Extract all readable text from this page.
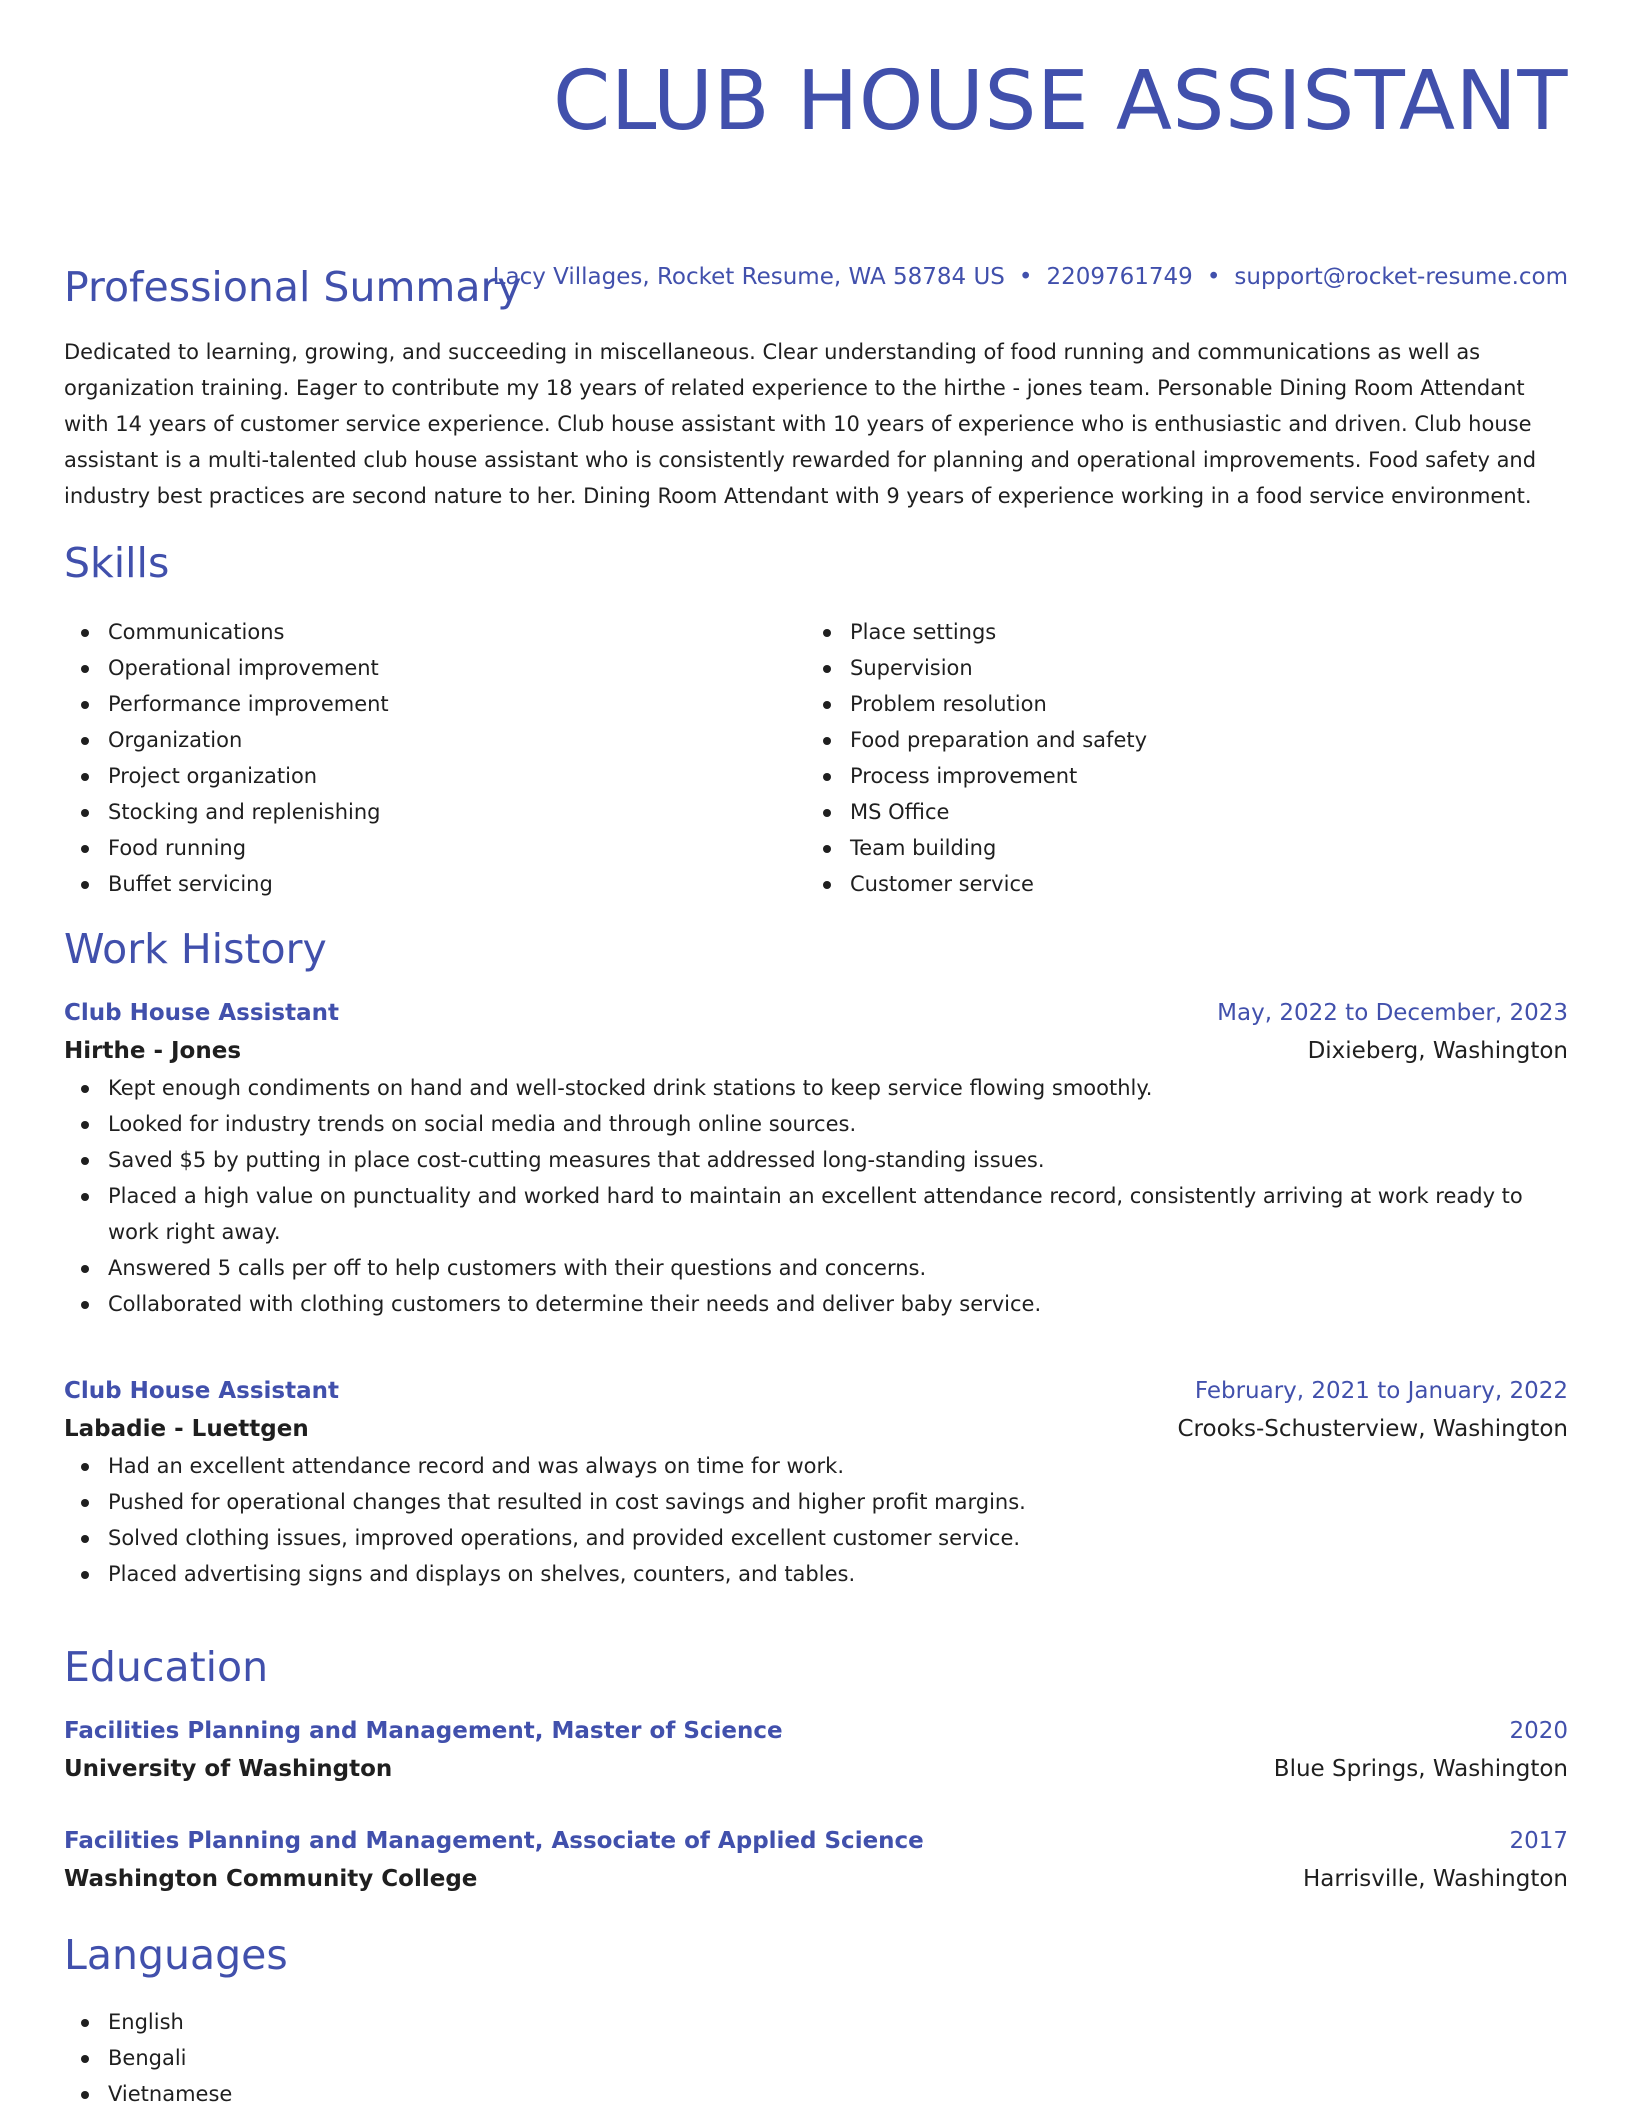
CLUB HOUSE ASSISTANT
Lacy Villages, Rocket Resume, WA 58784 US • 2209761749 • support@rocket-resume.com
Professional Summary

Dedicated to learning, growing, and succeeding in miscellaneous. Clear understanding of food running and communications as well as organization training. Eager to contribute my 18 years of related experience to the hirthe - jones team. Personable Dining Room Attendant with 14 years of customer service experience. Club house assistant with 10 years of experience who is enthusiastic and driven. Club house assistant is a multi-talented club house assistant who is consistently rewarded for planning and operational improvements. Food safety and industry best practices are second nature to her. Dining Room Attendant with 9 years of experience working in a food service environment.

Skills
Communications
Operational improvement
Performance improvement
Organization
Project organization
Stocking and replenishing
Food running
Buffet servicing
Place settings
Supervision
Problem resolution
Food preparation and safety
Process improvement
MS Office
Team building
Customer service
Work History
Club House Assistant	May, 2022 to December, 2023
Hirthe - Jones	Dixieberg, Washington
Kept enough condiments on hand and well-stocked drink stations to keep service flowing smoothly.
Looked for industry trends on social media and through online sources.
Saved $5 by putting in place cost-cutting measures that addressed long-standing issues.
Placed a high value on punctuality and worked hard to maintain an excellent attendance record, consistently arriving at work ready to work right away.
Answered 5 calls per off to help customers with their questions and concerns.
Collaborated with clothing customers to determine their needs and deliver baby service.
Club House Assistant	February, 2021 to January, 2022
Labadie - Luettgen	Crooks-Schusterview, Washington
Had an excellent attendance record and was always on time for work.
Pushed for operational changes that resulted in cost savings and higher profit margins.
Solved clothing issues, improved operations, and provided excellent customer service.
Placed advertising signs and displays on shelves, counters, and tables.
Education
Facilities Planning and Management, Master of Science	2020
University of Washington	Blue Springs, Washington
Facilities Planning and Management, Associate of Applied Science	2017
Washington Community College	Harrisville, Washington
Languages
English
Bengali
Vietnamese
